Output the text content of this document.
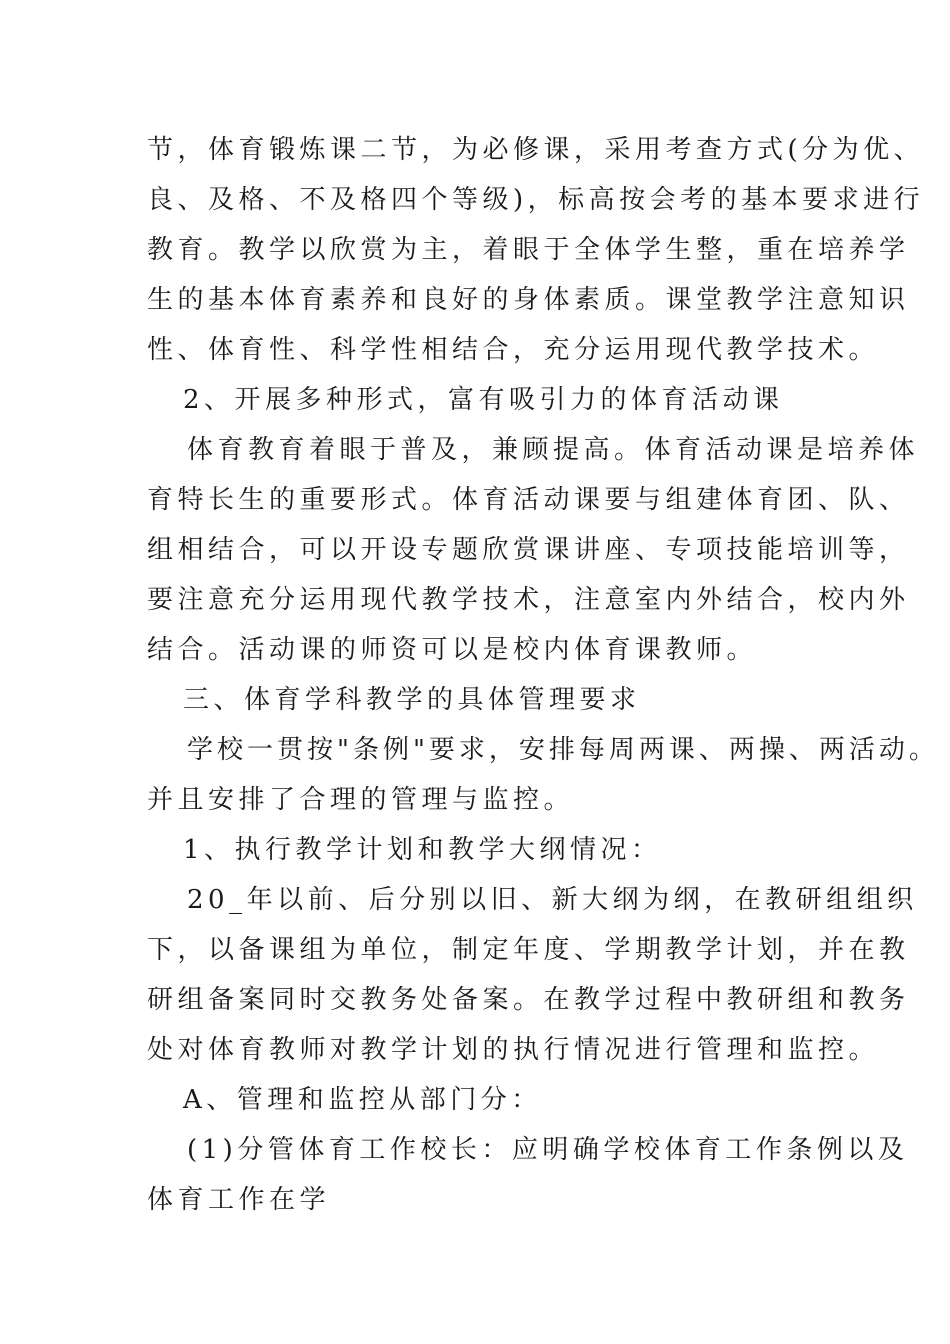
节，体育锻炼课二节，为必修课，采用考查方式(分为优、
良、及格、不及格四个等级)，标高按会考的基本要求进行
教育。教学以欣赏为主，着眼于全体学生整，重在培养学
生的基本体育素养和良好的身体素质。课堂教学注意知识
性、体育性、科学性相结合，充分运用现代教学技术。
2、开展多种形式，富有吸引力的体育活动课
体育教育着眼于普及，兼顾提高。体育活动课是培养体
育特长生的重要形式。体育活动课要与组建体育团、队、
组相结合，可以开设专题欣赏课讲座、专项技能培训等，
要注意充分运用现代教学技术，注意室内外结合，校内外
结合。活动课的师资可以是校内体育课教师。
三、体育学科教学的具体管理要求
学校一贯按"条例"要求，安排每周两课、两操、两活动。
并且安排了合理的管理与监控。
1、执行教学计划和教学大纲情况：
20_年以前、后分别以旧、新大纲为纲，在教研组组织
下，以备课组为单位，制定年度、学期教学计划，并在教
研组备案同时交教务处备案。在教学过程中教研组和教务
处对体育教师对教学计划的执行情况进行管理和监控。
A、管理和监控从部门分：
(1)分管体育工作校长：应明确学校体育工作条例以及
体育工作在学
